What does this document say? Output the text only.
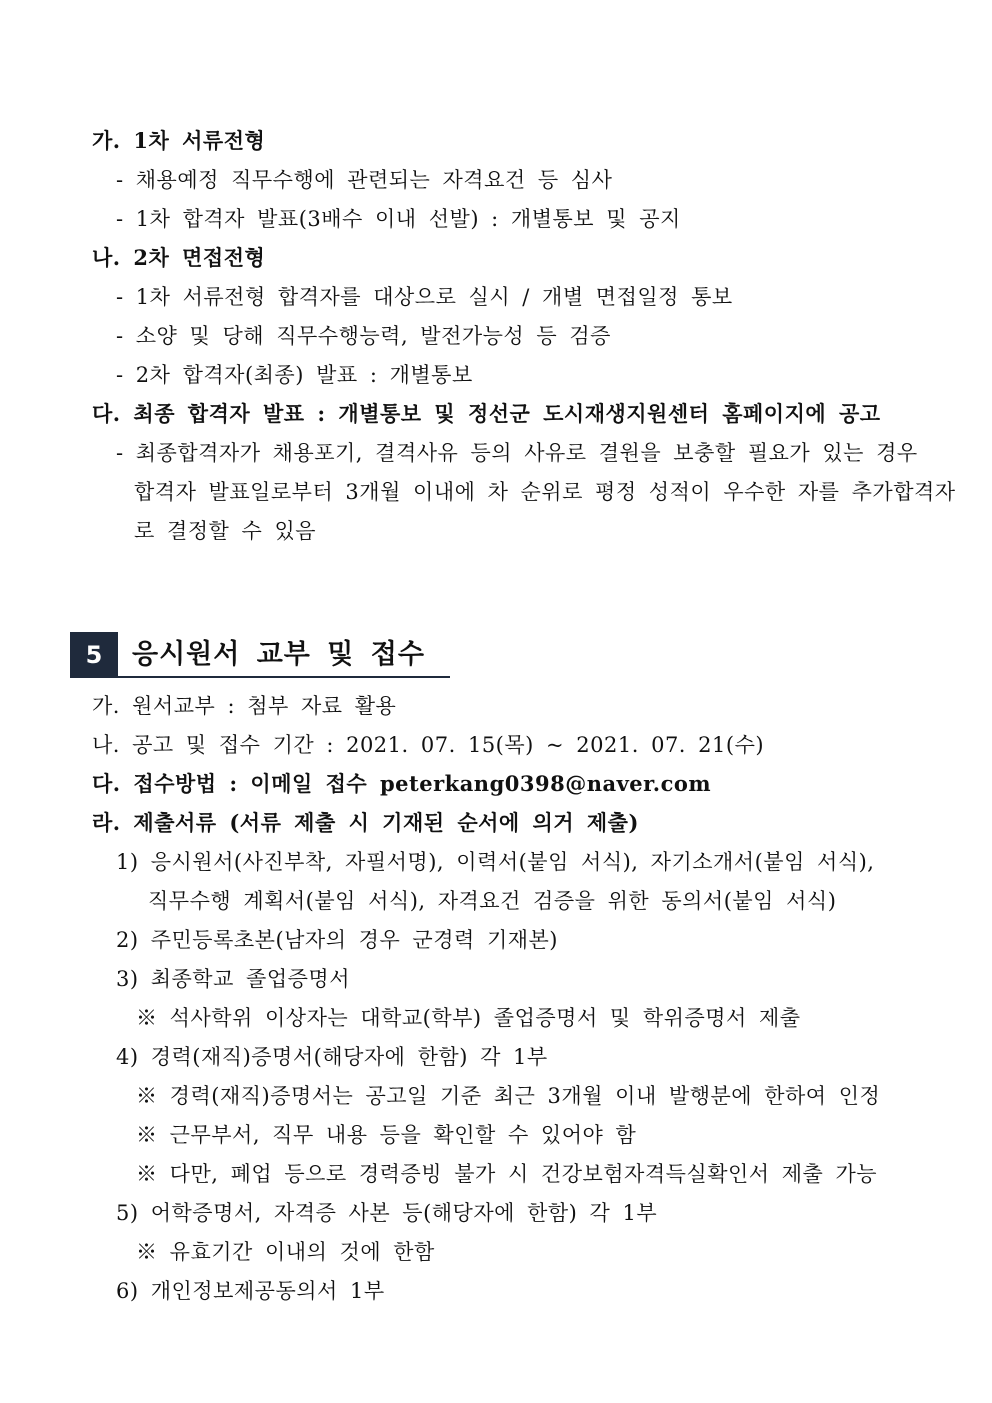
가. 1차 서류전형
- 채용예정 직무수행에 관련되는 자격요건 등 심사
- 1차 합격자 발표(3배수 이내 선발) : 개별통보 및 공지
나. 2차 면접전형
- 1차 서류전형 합격자를 대상으로 실시 / 개별 면접일정 통보
- 소양 및 당해 직무수행능력, 발전가능성 등 검증
- 2차 합격자(최종) 발표 : 개별통보
다. 최종 합격자 발표 : 개별통보 및 정선군 도시재생지원센터 홈페이지에 공고
- 최종합격자가 채용포기, 결격사유 등의 사유로 결원을 보충할 필요가 있는 경우
합격자 발표일로부터 3개월 이내에 차 순위로 평정 성적이 우수한 자를 추가합격자
로 결정할 수 있음
5	응시원서 교부 및 접수
가. 원서교부 : 첨부 자료 활용
나. 공고 및 접수 기간 : 2021. 07. 15(목) ~ 2021. 07. 21(수)
다. 접수방법 : 이메일 접수 peterkang0398@naver.com
라. 제출서류 (서류 제출 시 기재된 순서에 의거 제출)
1) 응시원서(사진부착, 자필서명), 이력서(붙임 서식), 자기소개서(붙임 서식),
직무수행 계획서(붙임 서식), 자격요건 검증을 위한 동의서(붙임 서식)
2) 주민등록초본(남자의 경우 군경력 기재본)
3) 최종학교 졸업증명서
※ 석사학위 이상자는 대학교(학부) 졸업증명서 및 학위증명서 제출
4) 경력(재직)증명서(해당자에 한함) 각 1부
※ 경력(재직)증명서는 공고일 기준 최근 3개월 이내 발행분에 한하여 인정
※ 근무부서, 직무 내용 등을 확인할 수 있어야 함
※ 다만, 폐업 등으로 경력증빙 불가 시 건강보험자격득실확인서 제출 가능
5) 어학증명서, 자격증 사본 등(해당자에 한함) 각 1부
※ 유효기간 이내의 것에 한함
6) 개인정보제공동의서 1부
